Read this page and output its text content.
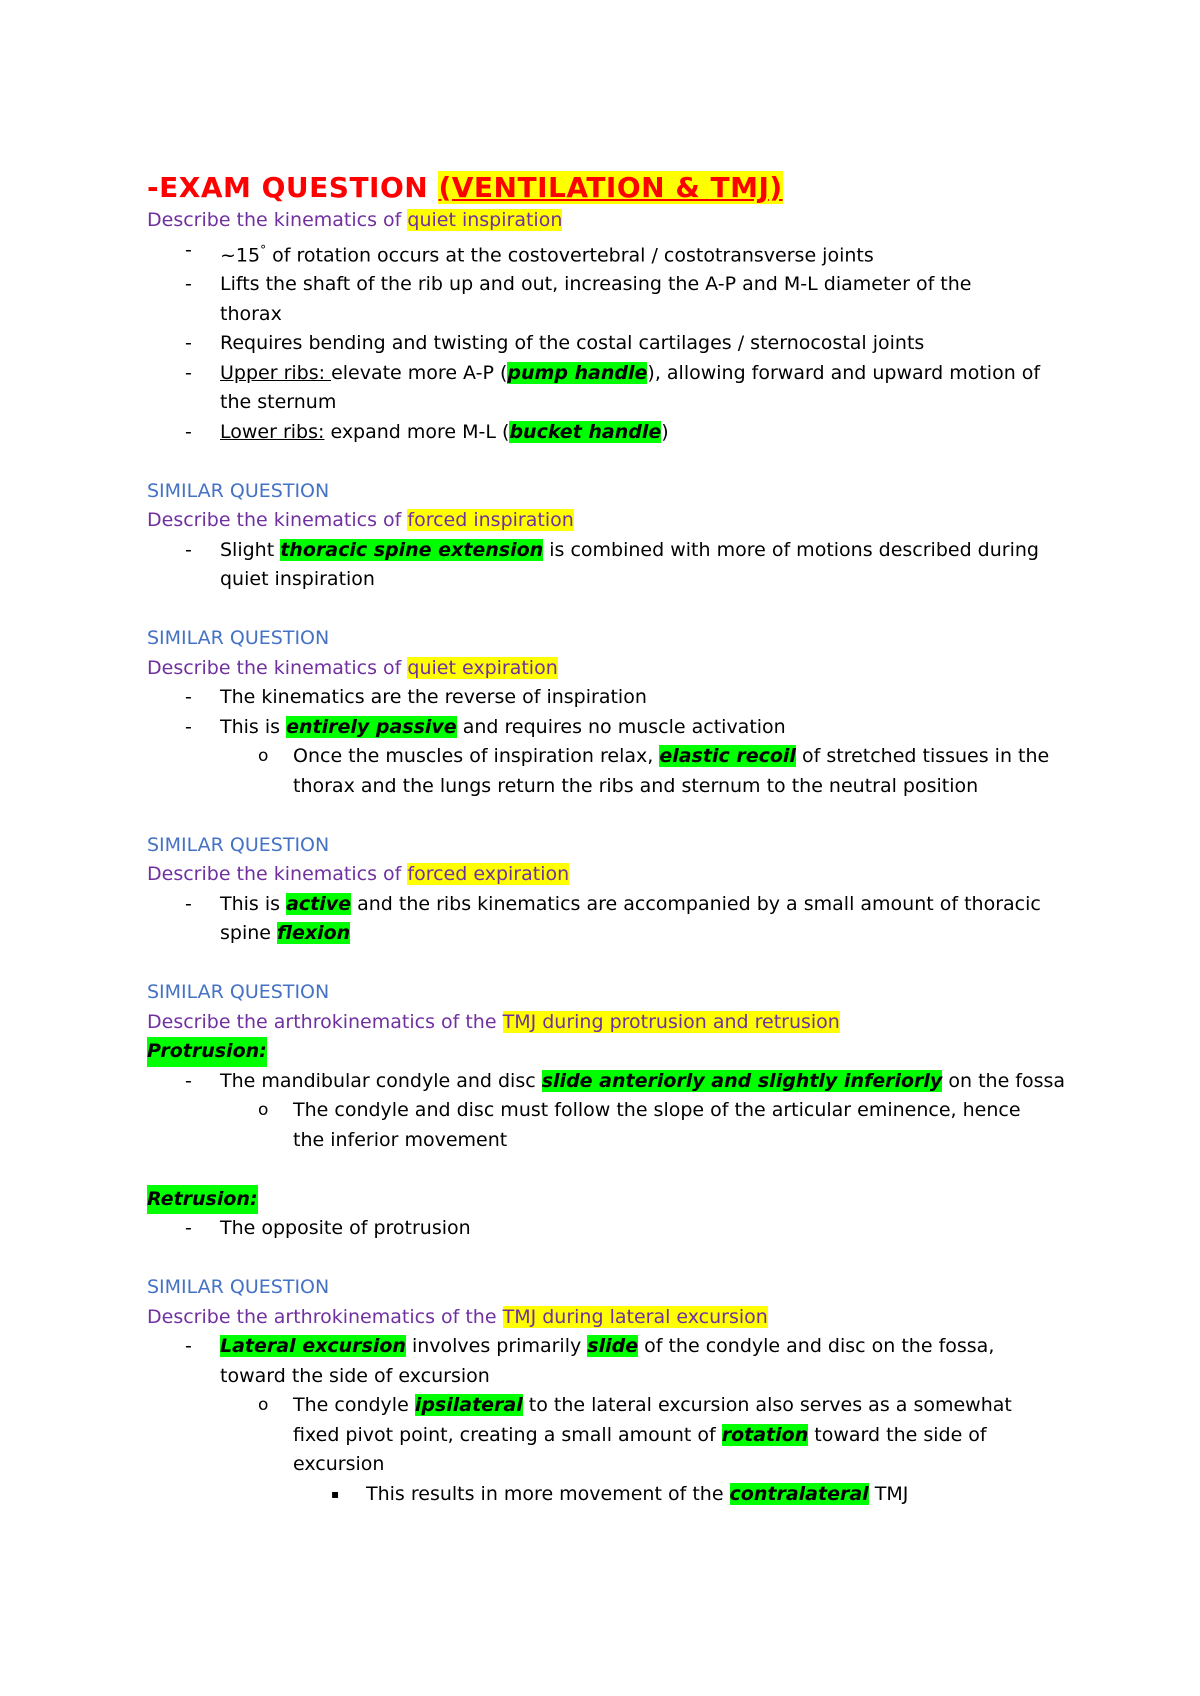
-EXAM QUESTION (VENTILATION & TMJ)
Describe the kinematics of quiet inspiration
- ~15° of rotation occurs at the costovertebral / costotransverse joints
- Lifts the shaft of the rib up and out, increasing the A-P and M-L diameter of the
thorax
- Requires bending and twisting of the costal cartilages / sternocostal joints
- Upper ribs: elevate more A-P (pump handle), allowing forward and upward motion of
the sternum
- Lower ribs: expand more M-L (bucket handle)
SIMILAR QUESTION
Describe the kinematics of forced inspiration
- Slight thoracic spine extension is combined with more of motions described during
quiet inspiration
SIMILAR QUESTION
Describe the kinematics of quiet expiration
- The kinematics are the reverse of inspiration
- This is entirely passive and requires no muscle activation
o Once the muscles of inspiration relax, elastic recoil of stretched tissues in the
thorax and the lungs return the ribs and sternum to the neutral position
SIMILAR QUESTION
Describe the kinematics of forced expiration
- This is active and the ribs kinematics are accompanied by a small amount of thoracic
spine flexion
SIMILAR QUESTION
Describe the arthrokinematics of the TMJ during protrusion and retrusion
Protrusion:
- The mandibular condyle and disc slide anteriorly and slightly inferiorly on the fossa
o The condyle and disc must follow the slope of the articular eminence, hence
the inferior movement
Retrusion:
- The opposite of protrusion
SIMILAR QUESTION
Describe the arthrokinematics of the TMJ during lateral excursion
- Lateral excursion involves primarily slide of the condyle and disc on the fossa,
toward the side of excursion
o The condyle ipsilateral to the lateral excursion also serves as a somewhat
fixed pivot point, creating a small amount of rotation toward the side of
excursion
▪ This results in more movement of the contralateral TMJ
